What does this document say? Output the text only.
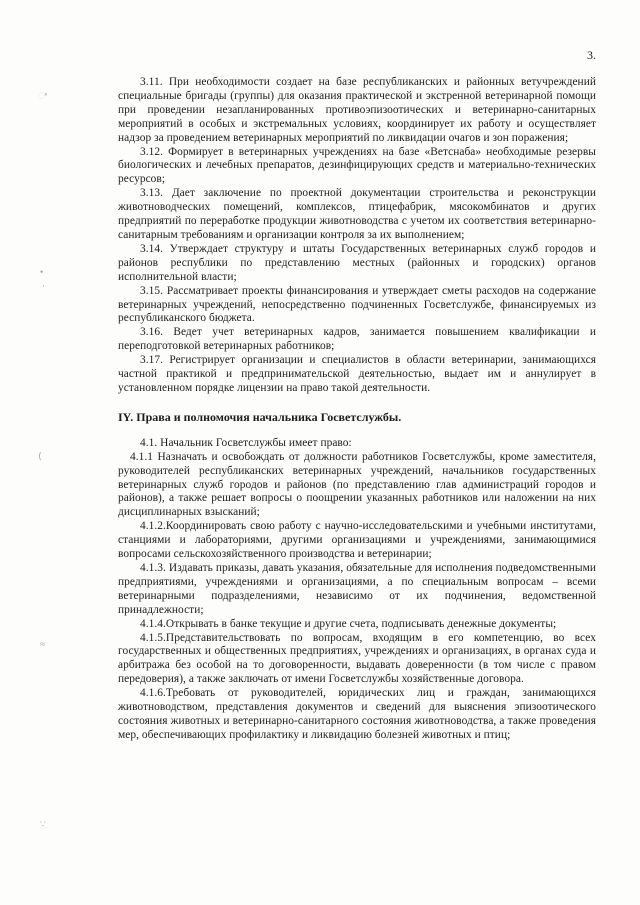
3.
ಿ
•
·
⟨
≈
∵

3.11. При необходимости создает на базе республиканских и районных ветучреждений специальные бригады (группы) для оказания практической и экстренной ветеринарной помощи при проведении незапланированных противоэпизоотических и ветеринарно-санитарных мероприятий в особых и экстремальных условиях, координирует их работу и осуществляет надзор за проведением ветеринарных мероприятий по ликвидации очагов и зон поражения;

3.12. Формирует в ветеринарных учреждениях на базе «Ветснаба» необходимые резервы биологических и лечебных препаратов, дезинфицирующих средств и материально-технических ресурсов;

3.13. Дает заключение по проектной документации строительства и реконструкции животноводческих помещений, комплексов, птицефабрик, мясокомбинатов и других предприятий по переработке продукции животноводства с учетом их соответствия ветеринарно-санитарным требованиям и организации контроля за их выполнением;

3.14. Утверждает структуру и штаты Государственных ветеринарных служб городов и районов республики по представлению местных (районных и городских) органов исполнительной власти;

3.15. Рассматривает проекты финансирования и утверждает сметы расходов на содержание ветеринарных учреждений, непосредственно подчиненных Госветслужбе, финансируемых из республиканского бюджета.

3.16. Ведет учет ветеринарных кадров, занимается повышением квалификации и переподготовкой ветеринарных работников;

3.17. Регистрирует организации и специалистов в области ветеринарии, занимающихся частной практикой и предпринимательской деятельностью, выдает им и аннулирует в установленном порядке лицензии на право такой деятельности.

IY. Права и полномочия начальника Госветслужбы.

4.1. Начальник Госветслужбы имеет право:

4.1.1 Назначать и освобождать от должности работников Госветслужбы, кроме заместителя, руководителей республиканских ветеринарных учреждений, начальников государственных ветеринарных служб городов и районов (по представлению глав администраций городов и районов), а также решает вопросы о поощрении указанных работников или наложении на них дисциплинарных взысканий;

4.1.2.Координировать свою работу с научно-исследовательскими и учебными институтами, станциями и лабораториями, другими организациями и учреждениями, занимающимися вопросами сельскохозяйственного производства и ветеринарии;

4.1.3. Издавать приказы, давать указания, обязательные для исполнения подведомственными предприятиями, учреждениями и организациями, а по специальным вопросам – всеми ветеринарными подразделениями, независимо от их подчинения, ведомственной принадлежности;

4.1.4.Открывать в банке текущие и другие счета, подписывать денежные документы;

4.1.5.Представительствовать по вопросам, входящим в его компетенцию, во всех государственных и общественных предприятиях, учреждениях и организациях, в органах суда и арбитража без особой на то договоренности, выдавать доверенности (в том числе с правом передоверия), а также заключать от имени Госветслужбы хозяйственные договора.

4.1.6.Требовать от руководителей, юридических лиц и граждан, занимающихся животноводством, представления документов и сведений для выяснения эпизоотического состояния животных и ветеринарно-санитарного состояния животноводства, а также проведения мер, обеспечивающих профилактику и ликвидацию болезней животных и птиц;
